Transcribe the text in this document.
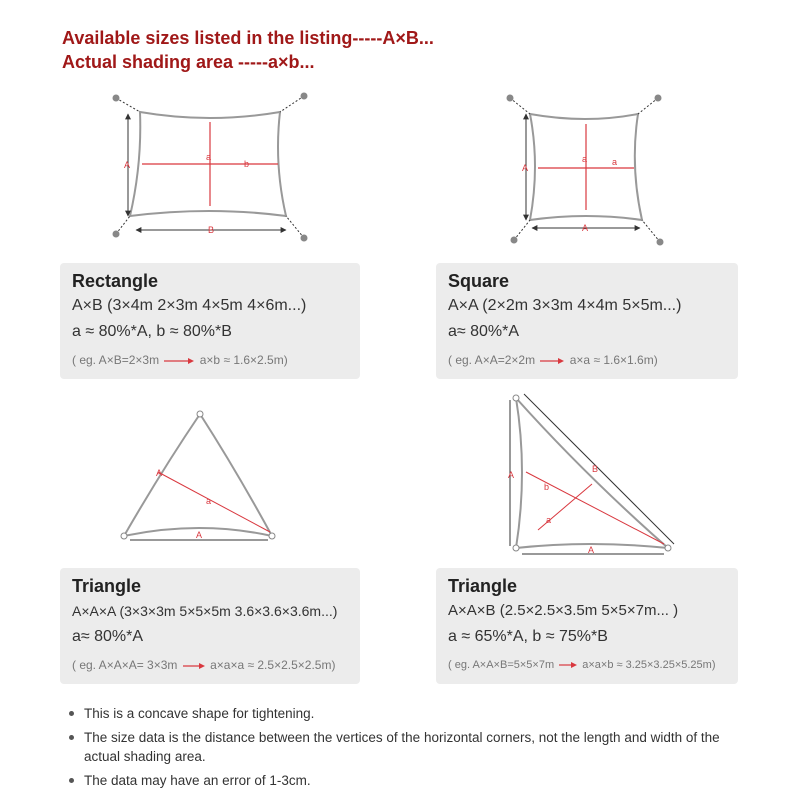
Available sizes listed in the listing-----A×B...
Actual shading area -----a×b...
A
B
a
b	A
A
a	a
A
A
a
A
B
A
a
b
Rectangle
A×B (3×4m 2×3m 4×5m 4×6m...)
a ≈ 80%*A, b ≈ 80%*B
( eg. A×B=2×3m	a×b ≈ 1.6×2.5m)
Square
A×A (2×2m 3×3m 4×4m 5×5m...)
a≈ 80%*A
( eg. A×A=2×2m	a×a ≈ 1.6×1.6m)
Triangle
A×A×A (3×3×3m 5×5×5m 3.6×3.6×3.6m...)
a≈ 80%*A
( eg. A×A×A= 3×3m	a×a×a ≈ 2.5×2.5×2.5m)
Triangle
A×A×B (2.5×2.5×3.5m 5×5×7m... )
a ≈ 65%*A, b ≈ 75%*B
( eg. A×A×B=5×5×7m	a×a×b ≈ 3.25×3.25×5.25m)
This is a concave shape for tightening.
The size data is the distance between the vertices of the horizontal corners, not the length and width of the actual shading area.
The data may have an error of 1-3cm.
